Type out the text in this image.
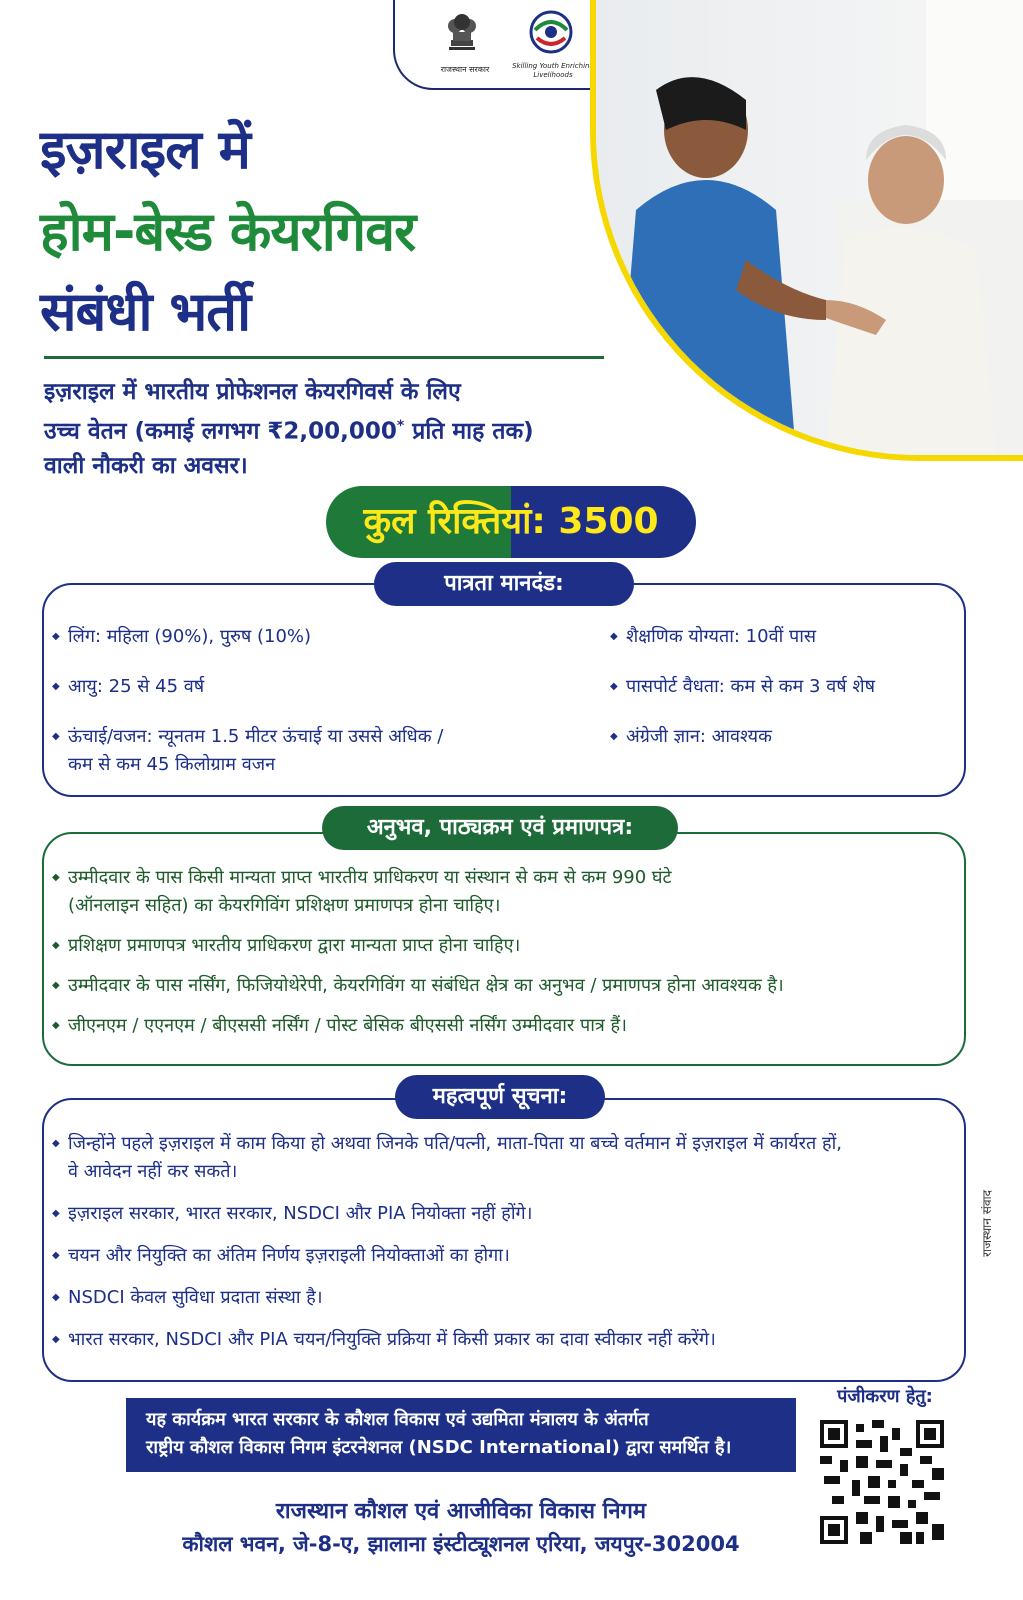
राजस्थान सरकार	Skilling Youth Enriching Livelihoods
इज़राइल में
होम-बेस्ड केयरगिवर
संबंधी भर्ती
इज़राइल में भारतीय प्रोफेशनल केयरगिवर्स के लिए
उच्च वेतन (कमाई लगभग ₹2,00,000* प्रति माह तक)
वाली नौकरी का अवसर।
कुल रिक्तियां: 3500
◆ लिंग: महिला (90%), पुरुष (10%)
◆ आयु: 25 से 45 वर्ष
◆ ऊंचाई/वजन: न्यूनतम 1.5 मीटर ऊंचाई या उससे अधिक /
कम से कम 45 किलोग्राम वजन
◆ शैक्षणिक योग्यता: 10वीं पास
◆ पासपोर्ट वैधता: कम से कम 3 वर्ष शेष
◆ अंग्रेजी ज्ञान: आवश्यक
पात्रता मानदंड:
◆ उम्मीदवार के पास किसी मान्यता प्राप्त भारतीय प्राधिकरण या संस्थान से कम से कम 990 घंटे
(ऑनलाइन सहित) का केयरगिविंग प्रशिक्षण प्रमाणपत्र होना चाहिए।
◆ प्रशिक्षण प्रमाणपत्र भारतीय प्राधिकरण द्वारा मान्यता प्राप्त होना चाहिए।
◆ उम्मीदवार के पास नर्सिंग, फिजियोथेरेपी, केयरगिविंग या संबंधित क्षेत्र का अनुभव / प्रमाणपत्र होना आवश्यक है।
◆ जीएनएम / एएनएम / बीएससी नर्सिंग / पोस्ट बेसिक बीएससी नर्सिंग उम्मीदवार पात्र हैं।
अनुभव, पाठ्यक्रम एवं प्रमाणपत्र:
◆ जिन्होंने पहले इज़राइल में काम किया हो अथवा जिनके पति/पत्नी, माता-पिता या बच्चे वर्तमान में इज़राइल में कार्यरत हों,
वे आवेदन नहीं कर सकते।
◆ इज़राइल सरकार, भारत सरकार, NSDCI और PIA नियोक्ता नहीं होंगे।
◆ चयन और नियुक्ति का अंतिम निर्णय इज़राइली नियोक्ताओं का होगा।
◆ NSDCI केवल सुविधा प्रदाता संस्था है।
◆ भारत सरकार, NSDCI और PIA चयन/नियुक्ति प्रक्रिया में किसी प्रकार का दावा स्वीकार नहीं करेंगे।
महत्वपूर्ण सूचना:
यह कार्यक्रम भारत सरकार के कौशल विकास एवं उद्यमिता मंत्रालय के अंतर्गत
राष्ट्रीय कौशल विकास निगम इंटरनेशनल (NSDC International) द्वारा समर्थित है।
राजस्थान कौशल एवं आजीविका विकास निगम
कौशल भवन, जे-8-ए, झालाना इंस्टीट्यूशनल एरिया, जयपुर-302004
पंजीकरण हेतु:
राजस्थान संवाद
